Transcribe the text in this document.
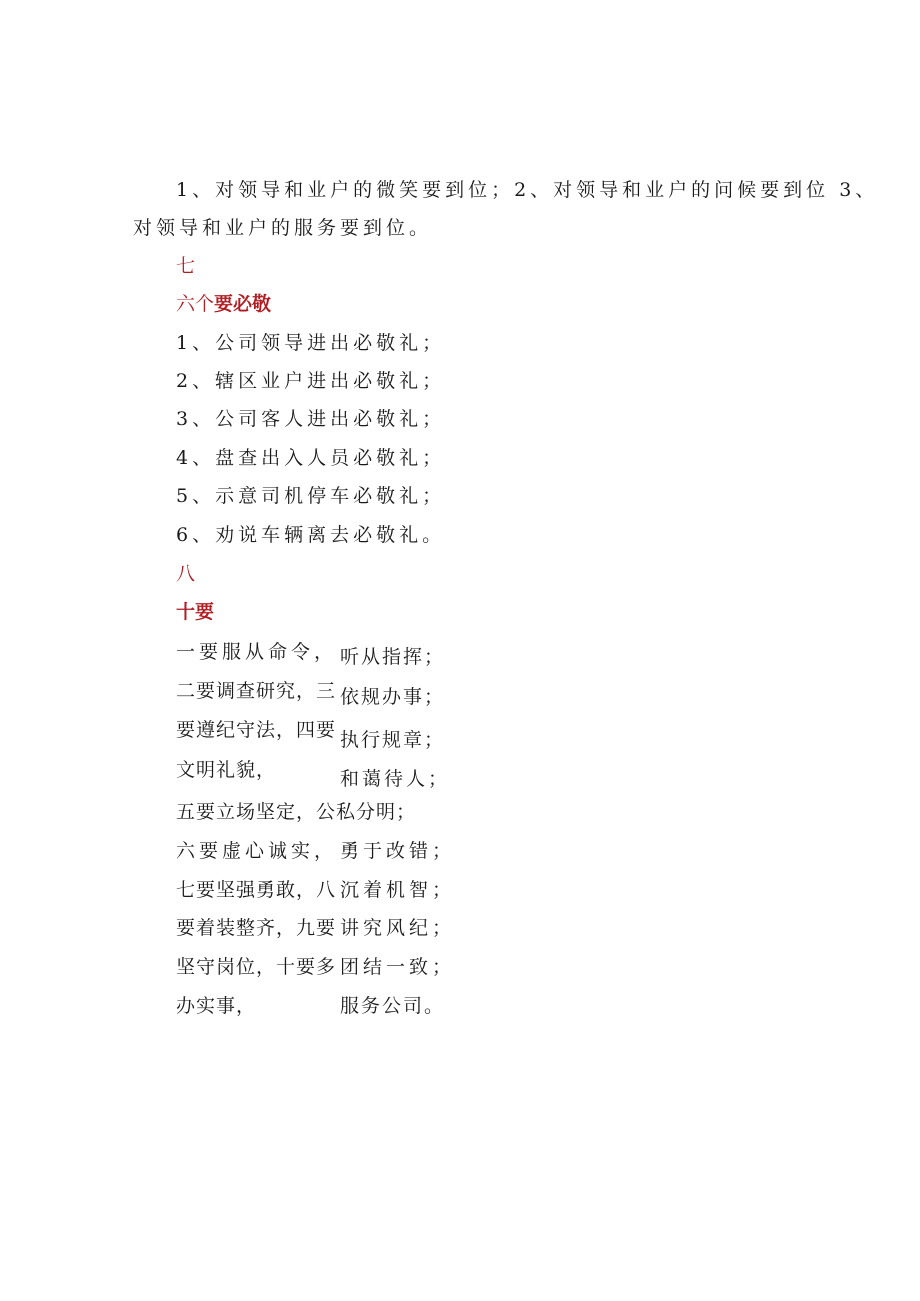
1、对领导和业户的微笑要到位；2、对领导和业户的问候要到位 3、
对领导和业户的服务要到位。
七
六个要必敬
1、公司领导进出必敬礼；
2、辖区业户进出必敬礼；
3、公司客人进出必敬礼；
4、盘查出入人员必敬礼；
5、示意司机停车必敬礼；
6、劝说车辆离去必敬礼。
八
十要
一要服从命令， 听从指挥；
二要调查研究，三 依规办事；
要遵纪守法，四要 执行规章；
文明礼貌，	和蔼待人；
五要立场坚定，公私分明；
六要虚心诚实， 勇于改错；
七要坚强勇敢，八 沉着机智；
要着装整齐，九要 讲究风纪；
坚守岗位，十要多 团结一致；
办实事，	服务公司。
